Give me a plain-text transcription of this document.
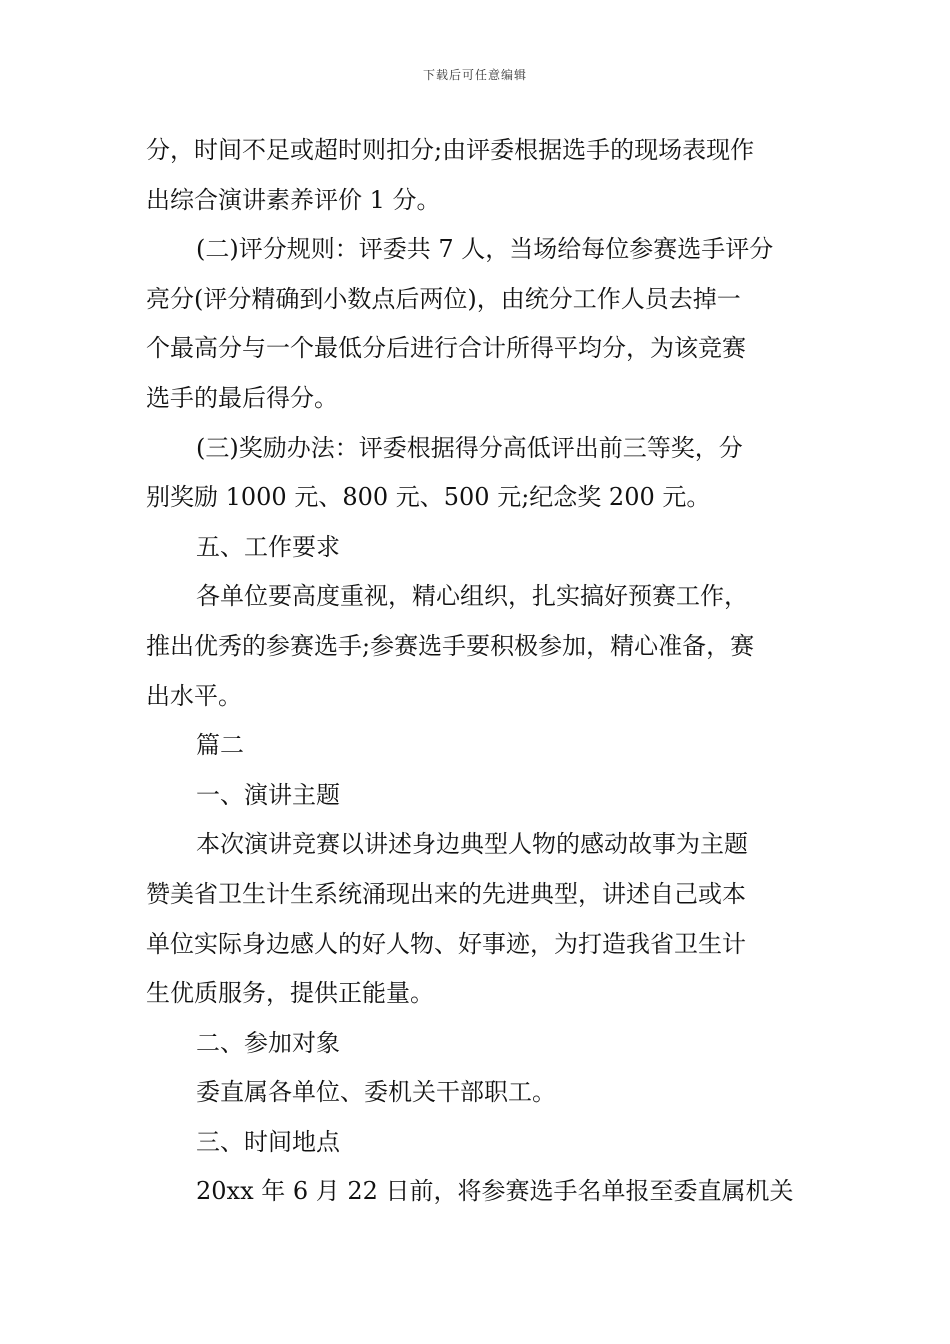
下载后可任意编辑
分，时间不足或超时则扣分;由评委根据选手的现场表现作
出综合演讲素养评价 1 分。
(二)评分规则：评委共 7 人，当场给每位参赛选手评分
亮分(评分精确到小数点后两位)，由统分工作人员去掉一
个最高分与一个最低分后进行合计所得平均分，为该竞赛
选手的最后得分。
(三)奖励办法：评委根据得分高低评出前三等奖，分
别奖励 1000 元、800 元、500 元;纪念奖 200 元。
五、工作要求
各单位要高度重视，精心组织，扎实搞好预赛工作，
推出优秀的参赛选手;参赛选手要积极参加，精心准备，赛
出水平。
篇二
一、演讲主题
本次演讲竞赛以讲述身边典型人物的感动故事为主题
赞美省卫生计生系统涌现出来的先进典型，讲述自己或本
单位实际身边感人的好人物、好事迹，为打造我省卫生计
生优质服务，提供正能量。
二、参加对象
委直属各单位、委机关干部职工。
三、时间地点
20xx 年 6 月 22 日前，将参赛选手名单报至委直属机关
